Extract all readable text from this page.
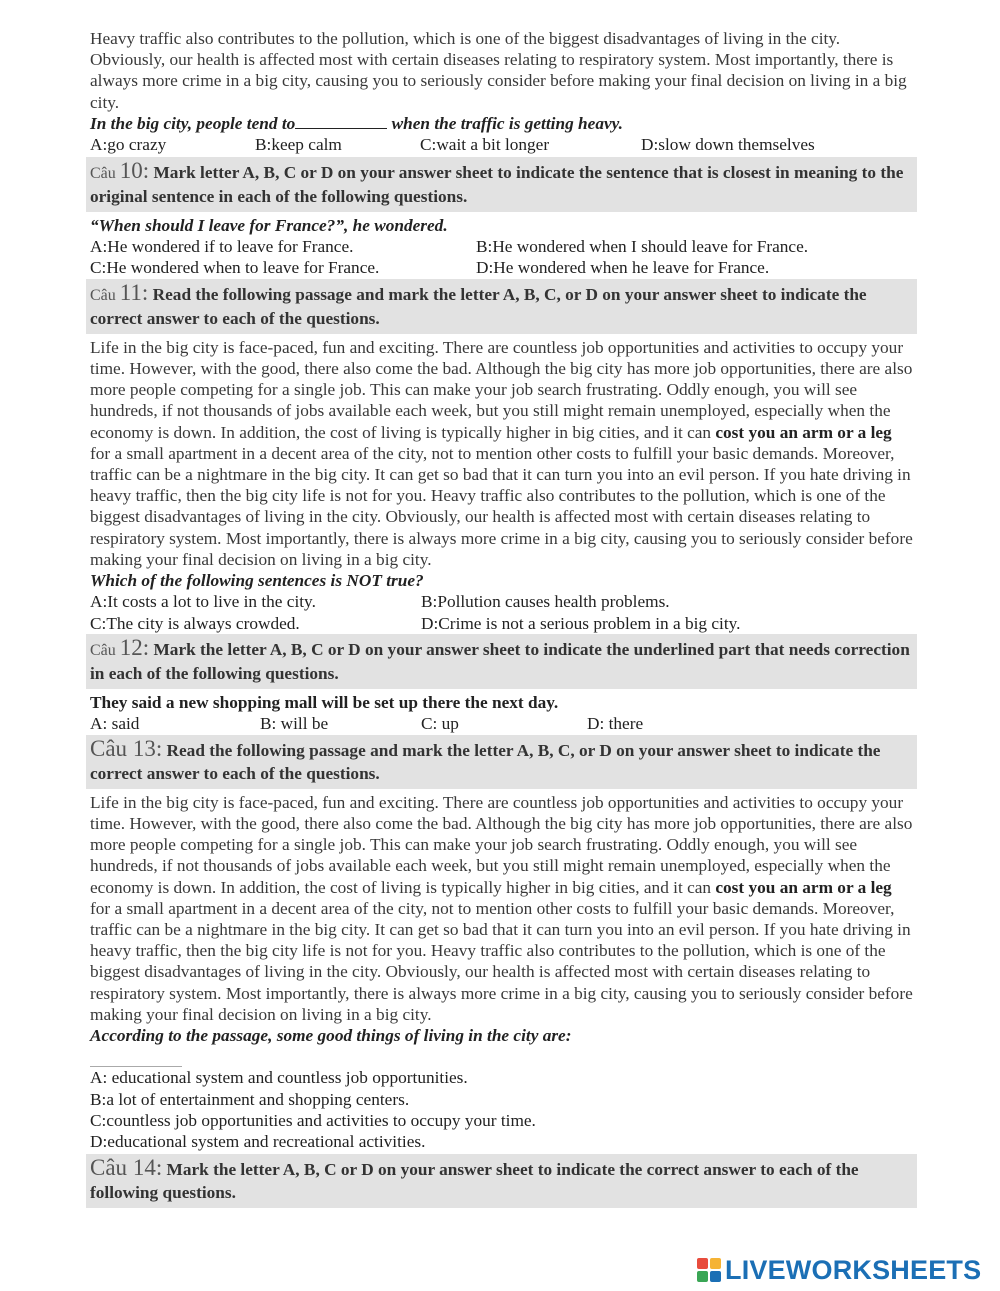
Heavy traffic also contributes to the pollution, which is one of the biggest disadvantages of living in the city. Obviously, our health is affected most with certain diseases relating to respiratory system. Most importantly, there is always more crime in a big city, causing you to seriously consider before making your final decision on living in a big city.

In the big city, people tend to	when the traffic is getting heavy.

A:go crazy	B:keep calm	C:wait a bit longer	D:slow down themselves
Câu 10: Mark letter A, B, C or D on your answer sheet to indicate the sentence that is closest in meaning to the original sentence in each of the following questions.

“When should I leave for France?”, he wondered.

A:He wondered if to leave for France.	B:He wondered when I should leave for France.
C:He wondered when to leave for France.	D:He wondered when he leave for France.
Câu 11: Read the following passage and mark the letter A, B, C, or D on your answer sheet to indicate the correct answer to each of the questions.

Life in the big city is face-paced, fun and exciting. There are countless job opportunities and activities to occupy your time. However, with the good, there also come the bad. Although the big city has more job opportunities, there are also more people competing for a single job. This can make your job search frustrating. Oddly enough, you will see hundreds, if not thousands of jobs available each week, but you still might remain unemployed, especially when the economy is down. In addition, the cost of living is typically higher in big cities, and it can cost you an arm or a leg for a small apartment in a decent area of the city, not to mention other costs to fulfill your basic demands. Moreover, traffic can be a nightmare in the big city. It can get so bad that it can turn you into an evil person. If you hate driving in heavy traffic, then the big city life is not for you. Heavy traffic also contributes to the pollution, which is one of the biggest disadvantages of living in the city. Obviously, our health is affected most with certain diseases relating to respiratory system. Most importantly, there is always more crime in a big city, causing you to seriously consider before making your final decision on living in a big city.

Which of the following sentences is NOT true?

A:It costs a lot to live in the city.	B:Pollution causes health problems.
C:The city is always crowded.	D:Crime is not a serious problem in a big city.
Câu 12: Mark the letter A, B, C or D on your answer sheet to indicate the underlined part that needs correction in each of the following questions.

They said a new shopping mall will be set up there the next day.

A: said	B: will be	C: up	D: there
Câu 13: Read the following passage and mark the letter A, B, C, or D on your answer sheet to indicate the correct answer to each of the questions.

Life in the big city is face-paced, fun and exciting. There are countless job opportunities and activities to occupy your time. However, with the good, there also come the bad. Although the big city has more job opportunities, there are also more people competing for a single job. This can make your job search frustrating. Oddly enough, you will see hundreds, if not thousands of jobs available each week, but you still might remain unemployed, especially when the economy is down. In addition, the cost of living is typically higher in big cities, and it can cost you an arm or a leg for a small apartment in a decent area of the city, not to mention other costs to fulfill your basic demands. Moreover, traffic can be a nightmare in the big city. It can get so bad that it can turn you into an evil person. If you hate driving in heavy traffic, then the big city life is not for you. Heavy traffic also contributes to the pollution, which is one of the biggest disadvantages of living in the city. Obviously, our health is affected most with certain diseases relating to respiratory system. Most importantly, there is always more crime in a big city, causing you to seriously consider before making your final decision on living in a big city.

According to the passage, some good things of living in the city are:

A: educational system and countless job opportunities.

B:a lot of entertainment and shopping centers.

C:countless job opportunities and activities to occupy your time.

D:educational system and recreational activities.

Câu 14: Mark the letter A, B, C or D on your answer sheet to indicate the correct answer to each of the following questions.
LIVEWORKSHEETS
